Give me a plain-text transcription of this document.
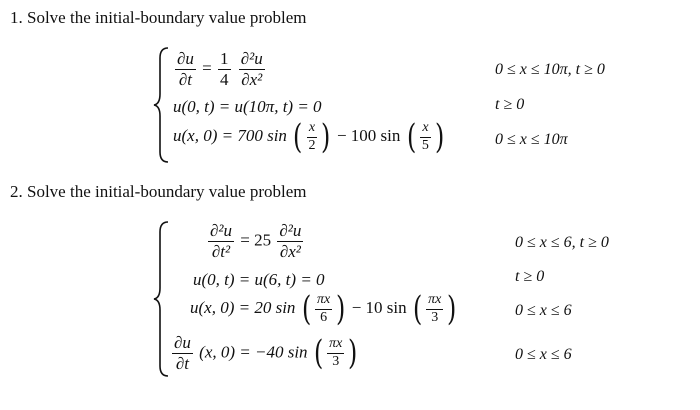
1. Solve the initial-boundary value problem
$\frac{\partial u}{\partial t} = \frac{1}{4}$
$\frac{\text{∂²u}}{\text{∂x²}}$
u(0, t) = u(10π, t) = 0
u(x, 0) = 700 sin ( $\frac{x}{2}$ ) − 100 sin ( $\frac{x}{5}$ )
0 ≤ x ≤ 10π, t ≥ 0
t ≥ 0
0 ≤ x ≤ 10π
2. Solve the initial-boundary value problem
$\frac{\text{∂²u}}{\text{∂t²}} = 25 \frac{\text{∂²u}}{\text{∂x²}}$
u(0, t) = u(6, t) = 0
u(x, 0) = 20 sin ( $\frac{\pi x}{6}$ ) − 10 sin ( $\frac{\pi x}{3}$ )
$\frac{\partial u}{\partial t} (x$, 0) = −40 sin ( $\frac{\pi x}{3}$ )
0 ≤ x ≤ 6, t ≥ 0
t ≥ 0
0 ≤ x ≤ 6
0 ≤ x ≤ 6
